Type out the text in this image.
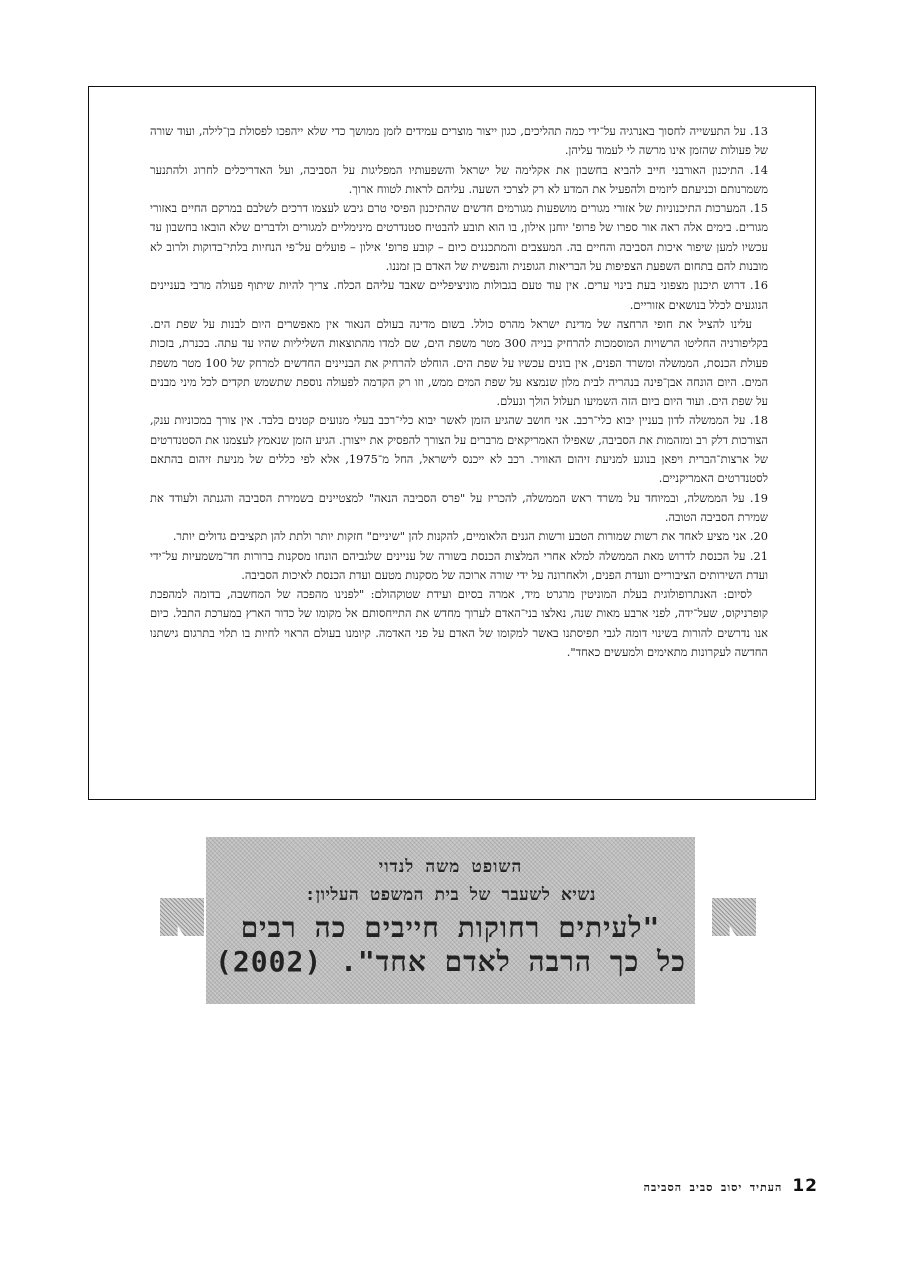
13. על התעשייה לחסוך באנרגיה על־ידי כמה תהליכים, כגון ייצור מוצרים עמידים לזמן ממושך כדי שלא ייהפכו לפסולת בן־לילה, ועוד שורה של פעולות שהזמן אינו מרשה לי לעמוד עליהן.

14. התיכנון האורבני חייב להביא בחשבון את אקלימה של ישראל והשפעותיו המפליגות על הסביבה, ועל האדריכלים לחרוג ולהתנער משמרנותם וכניעתם ליזמים ולהפעיל את המדע לא רק לצרכי השעה. עליהם לראות לטווח ארוך.

15. המערכות התיכנוניות של אזורי מגורים מושפעות מגורמים חדשים שהתיכנון הפיסי טרם גיבש לעצמו דרכים לשלבם במרקם החיים באזורי מגורים. בימים אלה ראה אור ספרו של פרופ' יוחנן אילון, בו הוא תובע להבטיח סטנדרטים מינימליים למגורים ולדברים שלא הובאו בחשבון עד עכשיו למען שיפור איכות הסביבה והחיים בה. המעצבים והמתכננים כיום – קובע פרופ' אילון – פועלים על־פי הנחיות בלתי־בדוקות ולרוב לא מובנות להם בתחום השפעת הצפיפות על הבריאות הגופנית והנפשית של האדם בן זמננו.

16. דרוש תיכנון מצפוני בעת בינוי ערים. אין עוד טעם בגבולות מוניציפליים שאבד עליהם הכלח. צריך להיות שיתוף פעולה מרבי בעניינים הנוגעים לכלל בנושאים אזוריים.

עלינו להציל את חופי הרחצה של מדינת ישראל מהרס כולל. בשום מדינה בעולם הנאור אין מאפשרים היום לבנות על שפת הים. בקליפורניה החליטו הרשויות המוסמכות להרחיק בנייה 300 מטר משפת הים, שם למדו מהתוצאות השליליות שהיו עד עתה. בכנרת, בזכות פעולת הכנסת, הממשלה ומשרד הפנים, אין בונים עכשיו על שפת הים. הוחלט להרחיק את הבניינים החדשים למרחק של 100 מטר משפת המים. היום הונחה אבן־פינה בנהריה לבית מלון שנמצא על שפת המים ממש, וזו רק הקדמה לפעולה נוספת שתשמש תקדים לכל מיני מבנים על שפת הים. ועוד היום ביום הזה השמיעו תעלול הולך ונעלם.

18. על הממשלה לדון בעניין יבוא כלי־רכב. אני חושב שהגיע הזמן לאשר יבוא כלי־רכב בעלי מנועים קטנים בלבד. אין צורך במכוניות ענק, הצורכות דלק רב ומזהמות את הסביבה, שאפילו האמריקאים מרברים על הצורך להפסיק את ייצורן. הגיע הזמן שנאמץ לעצמנו את הסטנדרטים של ארצות־הברית ויפאן בנוגע למניעת זיהום האוויר. רכב לא ייכנס לישראל, החל מ־1975, אלא לפי כללים של מניעת זיהום בהתאם לסטנדרטים האמריקניים.

19. על הממשלה, ובמיוחד על משרד ראש הממשלה, להכריז על "פרס הסביבה הנאה" למצטיינים בשמירת הסביבה והגנתה ולעודד את שמירת הסביבה הטובה.

20. אני מציע לאחד את רשות שמורות הטבע ורשות הגנים הלאומיים, להקנות להן "שיניים" חזקות יותר ולתת להן תקציבים גדולים יותר.

21. על הכנסת לדרוש מאת הממשלה למלא אחרי המלצות הכנסת בשורה של עניינים שלגביהם הונחו מסקנות ברורות חד־משמעיות על־ידי ועדת השירותים הציבוריים וועדת הפנים, ולאחרונה על ידי שורה ארוכה של מסקנות מטעם ועדת הכנסת לאיכות הסביבה.

לסיום: האנתרופולוגית בעלת המוניטין מרגרט מיד, אמרה בסיום ועידת שטוקהולם: "לפנינו מהפכה של המחשבה, בדומה למהפכת קופרניקוס, שעל־ידה, לפני ארבע מאות שנה, נאלצו בני־האדם לערוך מחדש את התייחסותם אל מקומו של כדור הארץ במערכת התבל. כיום אנו נדרשים להורות בשינוי דומה לגבי תפיסתנו באשר למקומו של האדם על פני האדמה. קיומנו בעולם הראוי לחיות בו תלוי בתרגום גישתנו החדשה לעקרונות מתאימים ולמעשים כאחד".

השופט משה לנדוי
נשיא לשעבר של בית המשפט העליון:
"לעיתים רחוקות חייבים כה רבים
כל כך הרבה לאדם אחד". (2002)
12
העתיד יסוב סביב הסביבה
